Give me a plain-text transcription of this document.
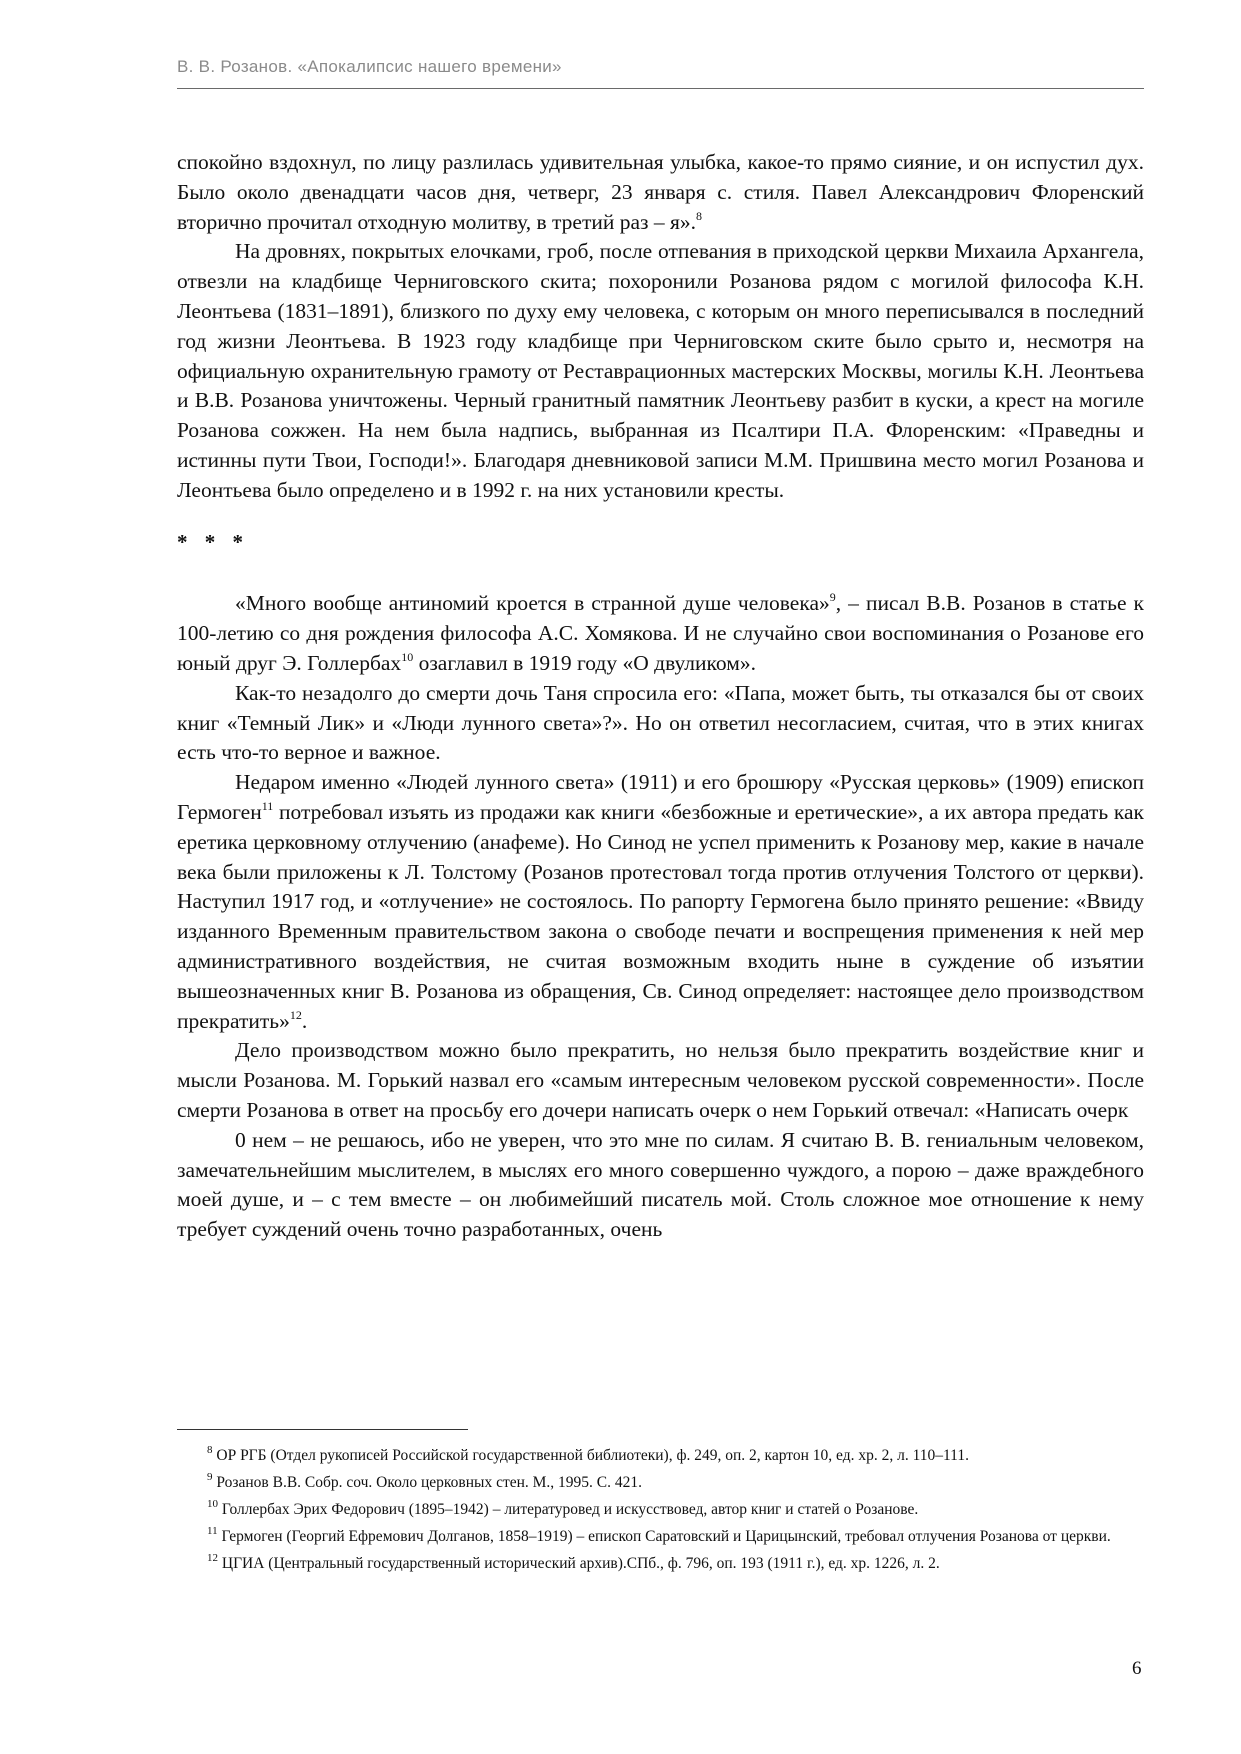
В. В. Розанов. «Апокалипсис нашего времени»

спокойно вздохнул, по лицу разлилась удивительная улыбка, какое-то прямо сияние, и он испустил дух. Было около двенадцати часов дня, четверг, 23 января с. стиля. Павел Александрович Флоренский вторично прочитал отходную молитву, в третий раз – я».$^8$

На дровнях, покрытых елочками, гроб, после отпевания в приходской церкви Михаила Архангела, отвезли на кладбище Черниговского скита; похоронили Розанова рядом с могилой философа К.Н. Леонтьева (1831–1891), близкого по духу ему человека, с которым он много переписывался в последний год жизни Леонтьева. В 1923 году кладбище при Черниговском ските было срыто и, несмотря на официальную охранительную грамоту от Реставрационных мастерских Москвы, могилы К.Н. Леонтьева и В.В. Розанова уничтожены. Черный гранитный памятник Леонтьеву разбит в куски, а крест на могиле Розанова сожжен. На нем была надпись, выбранная из Псалтири П.А. Флоренским: «Праведны и истинны пути Твои, Господи!». Благодаря дневниковой записи М.М. Пришвина место могил Розанова и Леонтьева было определено и в 1992 г. на них установили кресты.

* * *

«Много вообще антиномий кроется в странной душе человека»$^9$, – писал В.В. Розанов в статье к 100-летию со дня рождения философа А.С. Хомякова. И не случайно свои воспоминания о Розанове его юный друг Э. Голлербах$^{10}$ озаглавил в 1919 году «О двуликом».

Как-то незадолго до смерти дочь Таня спросила его: «Папа, может быть, ты отказался бы от своих книг «Темный Лик» и «Люди лунного света»?». Но он ответил несогласием, считая, что в этих книгах есть что-то верное и важное.

Недаром именно «Людей лунного света» (1911) и его брошюру «Русская церковь» (1909) епископ Гермоген$^{11}$ потребовал изъять из продажи как книги «безбожные и еретические», а их автора предать как еретика церковному отлучению (анафеме). Но Синод не успел применить к Розанову мер, какие в начале века были приложены к Л. Толстому (Розанов протестовал тогда против отлучения Толстого от церкви). Наступил 1917 год, и «отлучение» не состоялось. По рапорту Гермогена было принято решение: «Ввиду изданного Временным правительством закона о свободе печати и воспрещения применения к ней мер административного воздействия, не считая возможным входить ныне в суждение об изъятии вышеозначенных книг В. Розанова из обращения, Св. Синод определяет: настоящее дело производством прекратить»$^{12}$.

Дело производством можно было прекратить, но нельзя было прекратить воздействие книг и мысли Розанова. М. Горький назвал его «самым интересным человеком русской современности». После смерти Розанова в ответ на просьбу его дочери написать очерк о нем Горький отвечал: «Написать очерк

0 нем – не решаюсь, ибо не уверен, что это мне по силам. Я считаю В. В. гениальным человеком, замечательнейшим мыслителем, в мыслях его много совершенно чуждого, а порою – даже враждебного моей душе, и – с тем вместе – он любимейший писатель мой. Столь сложное мое отношение к нему требует суждений очень точно разработанных, очень

$^8$ ОР РГБ (Отдел рукописей Российской государственной библиотеки), ф. 249, оп. 2, картон 10, ед. хр. 2, л. 110–111.

$^9$ Розанов В.В. Собр. соч. Около церковных стен. М., 1995. С. 421.

$^{10}$ Голлербах Эрих Федорович (1895–1942) – литературовед и искусствовед, автор книг и статей о Розанове.

$^{11}$ Гермоген (Георгий Ефремович Долганов, 1858–1919) – епископ Саратовский и Царицынский, требовал отлучения Розанова от церкви.

$^{12}$ ЦГИА (Центральный государственный исторический архив).СПб., ф. 796, оп. 193 (1911 г.), ед. хр. 1226, л. 2.

6
